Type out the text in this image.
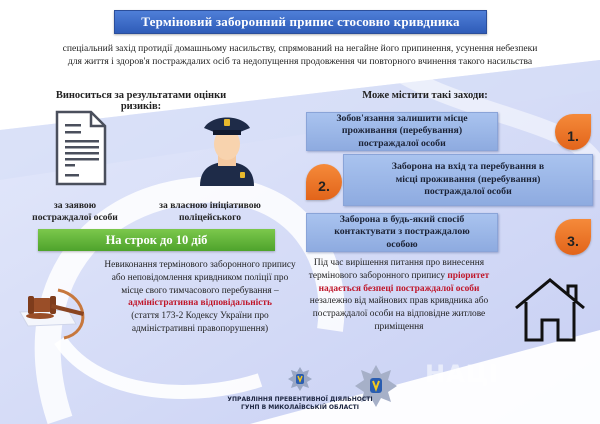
Терміновий заборонний припис стосовно кривдника
спеціальний захід протидії домашньому насильству, спрямований на негайне його припинення, усунення небезпеки
для життя і здоров'я постраждалих осіб та недопущення продовження чи повторного вчинення такого насильства
Виноситься за результатами оцінки ризиків:
за заявою
постраждалої особи
за власною ініціативою
поліцейського
На строк до 10 діб
Невиконання термінового заборонного припису або неповідомлення кривдником поліції про місце свого тимчасового перебування –
адміністративна відповідальність
(стаття 173-2 Кодексу України про адміністративні правопорушення)
Може містити такі заходи:
Зобов'язання залишити місце проживання (перебування) постраждалої особи	1.
Заборона на вхід та перебування в місці проживання (перебування) постраждалої особи
2.
Заборона в будь-який спосіб контактувати з постраждалою особою	3.
Під час вирішення питання про винесення термінового заборонного припису пріоритет надається безпеці постраждалої особи незалежно від майнових прав кривдника або постраждалої особи на відповідне житлове приміщення
НАЦІ
УПРАВЛІННЯ ПРЕВЕНТИВНОЇ ДІЯЛЬНОСТІ
ГУНП В МИКОЛАЇВСЬКІЙ ОБЛАСТІ
